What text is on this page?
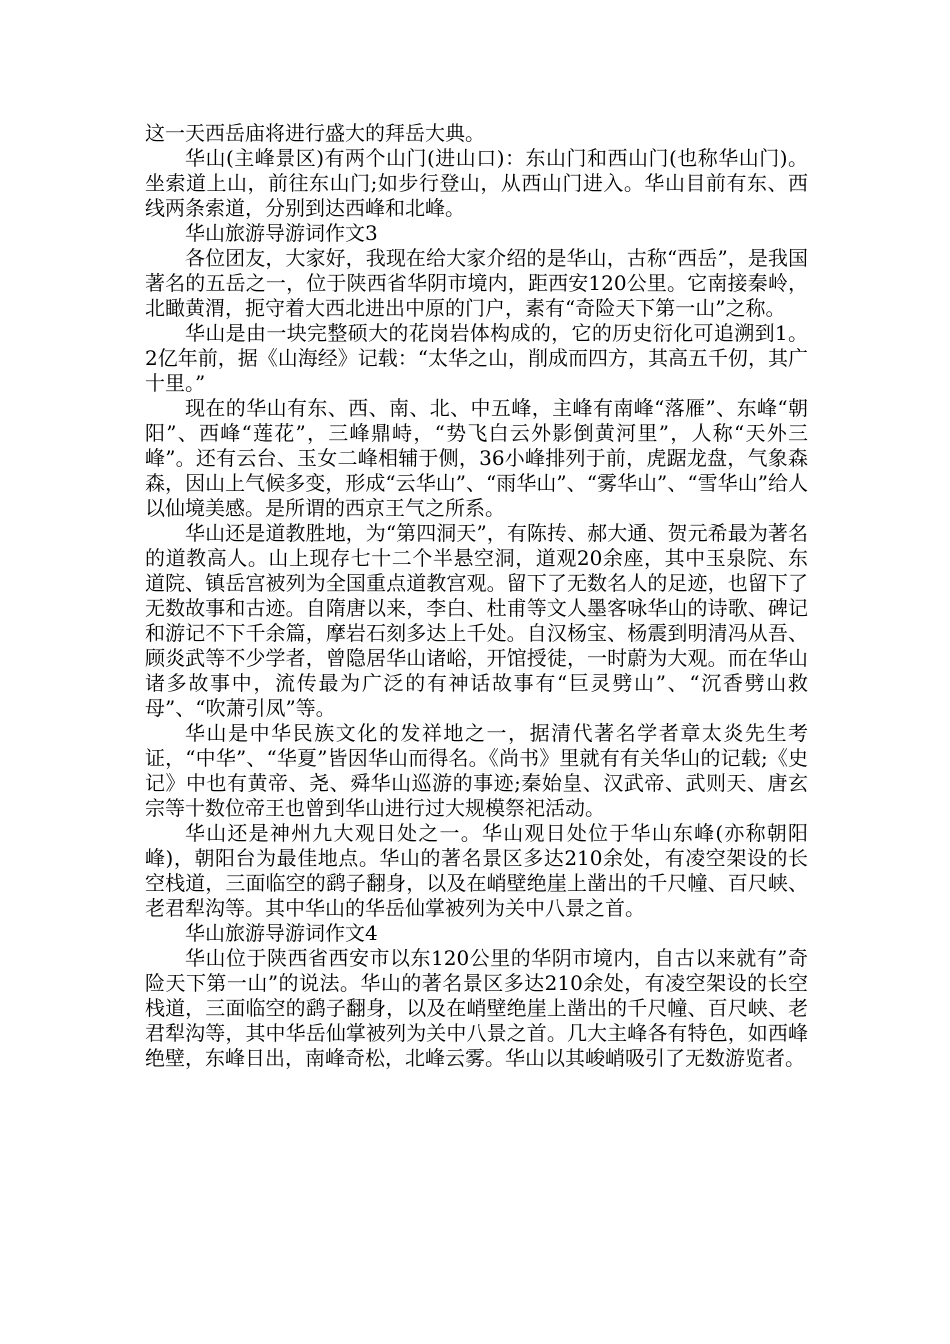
这一天西岳庙将进行盛大的拜岳大典。

华山(主峰景区)有两个山门(进山口)：东山门和西山门(也称华山门)。坐索道上山，前往东山门;如步行登山，从西山门进入。华山目前有东、西线两条索道，分别到达西峰和北峰。

华山旅游导游词作文3

各位团友，大家好，我现在给大家介绍的是华山，古称“西岳”，是我国著名的五岳之一，位于陕西省华阴市境内，距西安120公里。它南接秦岭，北瞰黄渭，扼守着大西北进出中原的门户，素有“奇险天下第一山”之称。

华山是由一块完整硕大的花岗岩体构成的，它的历史衍化可追溯到1。2亿年前，据《山海经》记载：“太华之山，削成而四方，其高五千仞，其广十里。”

现在的华山有东、西、南、北、中五峰，主峰有南峰“落雁”、东峰“朝阳”、西峰“莲花”，三峰鼎峙，“势飞白云外影倒黄河里”，人称“天外三峰”。还有云台、玉女二峰相辅于侧，36小峰排列于前，虎踞龙盘，气象森森，因山上气候多变，形成“云华山”、“雨华山”、“雾华山”、“雪华山”给人以仙境美感。是所谓的西京王气之所系。

华山还是道教胜地，为“第四洞天”，有陈抟、郝大通、贺元希最为著名的道教高人。山上现存七十二个半悬空洞，道观20余座，其中玉泉院、东道院、镇岳宫被列为全国重点道教宫观。留下了无数名人的足迹，也留下了无数故事和古迹。自隋唐以来，李白、杜甫等文人墨客咏华山的诗歌、碑记和游记不下千余篇，摩岩石刻多达上千处。自汉杨宝、杨震到明清冯从吾、顾炎武等不少学者，曾隐居华山诸峪，开馆授徒，一时蔚为大观。而在华山诸多故事中，流传最为广泛的有神话故事有“巨灵劈山”、“沉香劈山救母”、“吹萧引凤”等。

华山是中华民族文化的发祥地之一，据清代著名学者章太炎先生考证，“中华”、“华夏”皆因华山而得名。《尚书》里就有有关华山的记载;《史记》中也有黄帝、尧、舜华山巡游的事迹;秦始皇、汉武帝、武则天、唐玄宗等十数位帝王也曾到华山进行过大规模祭祀活动。

华山还是神州九大观日处之一。华山观日处位于华山东峰(亦称朝阳峰)，朝阳台为最佳地点。华山的著名景区多达210余处，有凌空架设的长空栈道，三面临空的鹞子翻身，以及在峭壁绝崖上凿出的千尺幢、百尺峡、老君犁沟等。其中华山的华岳仙掌被列为关中八景之首。

华山旅游导游词作文4

华山位于陕西省西安市以东120公里的华阴市境内，自古以来就有”奇险天下第一山”的说法。华山的著名景区多达210余处，有凌空架设的长空栈道，三面临空的鹞子翻身，以及在峭壁绝崖上凿出的千尺幢、百尺峡、老君犁沟等，其中华岳仙掌被列为关中八景之首。几大主峰各有特色，如西峰绝壁，东峰日出，南峰奇松，北峰云雾。华山以其峻峭吸引了无数游览者。
